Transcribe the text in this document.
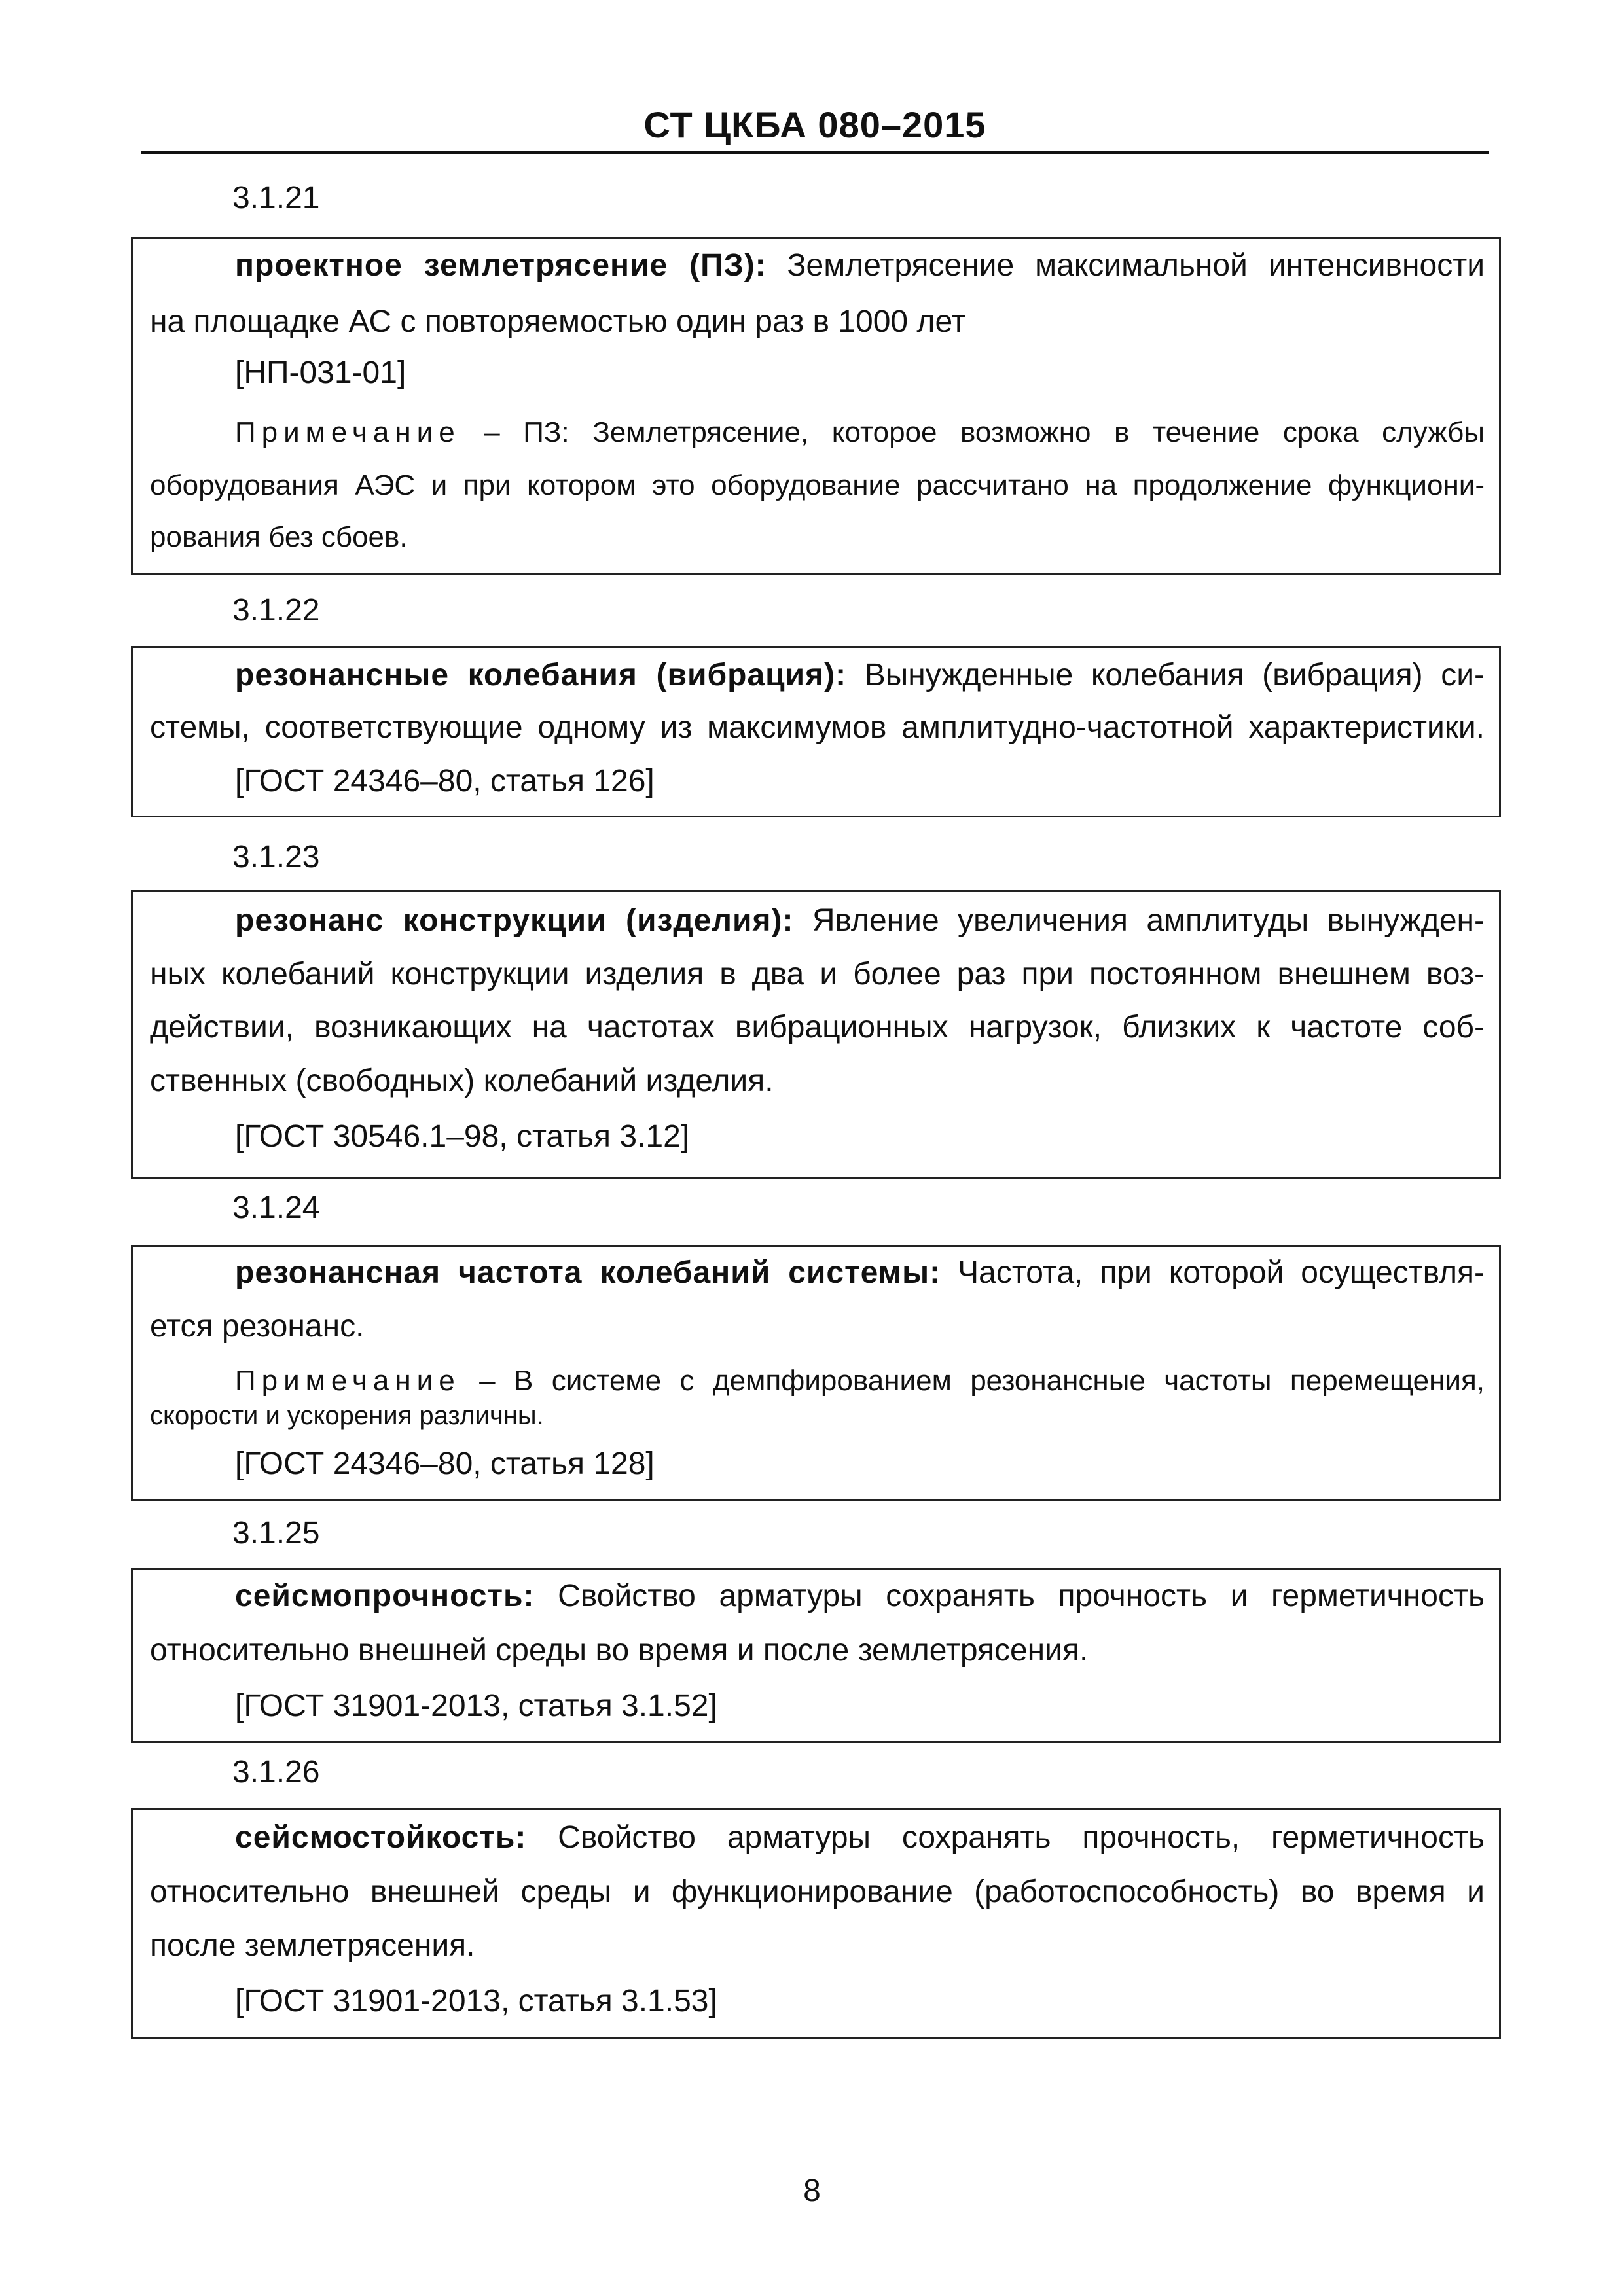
СТ ЦКБА 080–2015
3.1.21
проектное землетрясение (ПЗ): Землетрясение максимальной интенсивности
на площадке АС с повторяемостью один раз в 1000 лет
[НП-031-01]
Примечание – ПЗ: Землетрясение, которое возможно в течение срока службы
оборудования АЭС и при котором это оборудование рассчитано на продолжение функциони-
рования без сбоев.
3.1.22
резонансные колебания (вибрация): Вынужденные колебания (вибрация) си-
стемы, соответствующие одному из максимумов амплитудно-частотной характеристики.
[ГОСТ 24346–80, статья 126]
3.1.23
резонанс конструкции (изделия): Явление увеличения амплитуды вынужден-
ных колебаний конструкции изделия в два и более раз при постоянном внешнем воз-
действии, возникающих на частотах вибрационных нагрузок, близких к частоте соб-
ственных (свободных) колебаний изделия.
[ГОСТ 30546.1–98, статья 3.12]
3.1.24
резонансная частота колебаний системы: Частота, при которой осуществля-
ется резонанс.
Примечание – В системе с демпфированием резонансные частоты перемещения,
скорости и ускорения различны.
[ГОСТ 24346–80, статья 128]
3.1.25
сейсмопрочность: Свойство арматуры сохранять прочность и герметичность
относительно внешней среды во время и после землетрясения.
[ГОСТ 31901-2013, статья 3.1.52]
3.1.26
сейсмостойкость: Свойство арматуры сохранять прочность, герметичность
относительно внешней среды и функционирование (работоспособность) во время и
после землетрясения.
[ГОСТ 31901-2013, статья 3.1.53]
8
